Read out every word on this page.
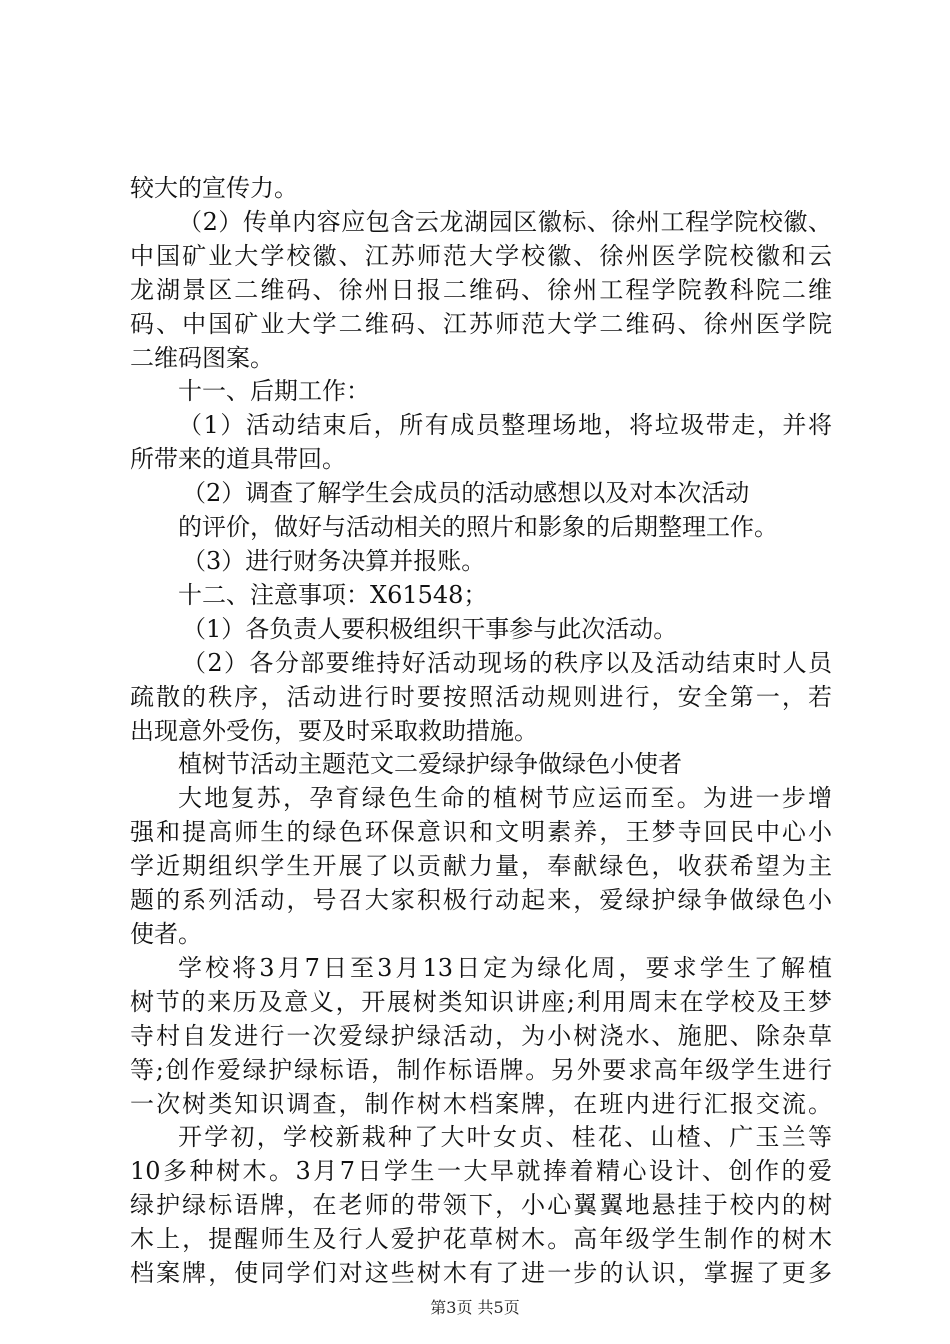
较大的宣传力。
（2）传单内容应包含云龙湖园区徽标、徐州工程学院校徽、
中国矿业大学校徽、江苏师范大学校徽、徐州医学院校徽和云
龙湖景区二维码、徐州日报二维码、徐州工程学院教科院二维
码、中国矿业大学二维码、江苏师范大学二维码、徐州医学院
二维码图案。
十一、后期工作：
（1）活动结束后，所有成员整理场地，将垃圾带走，并将
所带来的道具带回。
（2）调查了解学生会成员的活动感想以及对本次活动
的评价，做好与活动相关的照片和影象的后期整理工作。
（3）进行财务决算并报账。
十二、注意事项：X61548；
（1）各负责人要积极组织干事参与此次活动。
（2）各分部要维持好活动现场的秩序以及活动结束时人员
疏散的秩序，活动进行时要按照活动规则进行，安全第一，若
出现意外受伤，要及时采取救助措施。
植树节活动主题范文二爱绿护绿争做绿色小使者
大地复苏，孕育绿色生命的植树节应运而至。为进一步增
强和提高师生的绿色环保意识和文明素养，王梦寺回民中心小
学近期组织学生开展了以贡献力量，奉献绿色，收获希望为主
题的系列活动，号召大家积极行动起来，爱绿护绿争做绿色小
使者。
学校将3月7日至3月13日定为绿化周，要求学生了解植
树节的来历及意义，开展树类知识讲座;利用周末在学校及王梦
寺村自发进行一次爱绿护绿活动，为小树浇水、施肥、除杂草
等;创作爱绿护绿标语，制作标语牌。另外要求高年级学生进行
一次树类知识调查，制作树木档案牌，在班内进行汇报交流。
开学初，学校新栽种了大叶女贞、桂花、山楂、广玉兰等
10多种树木。3月7日学生一大早就捧着精心设计、创作的爱
绿护绿标语牌，在老师的带领下，小心翼翼地悬挂于校内的树
木上，提醒师生及行人爱护花草树木。高年级学生制作的树木
档案牌，使同学们对这些树木有了进一步的认识，掌握了更多
第3页 共5页
